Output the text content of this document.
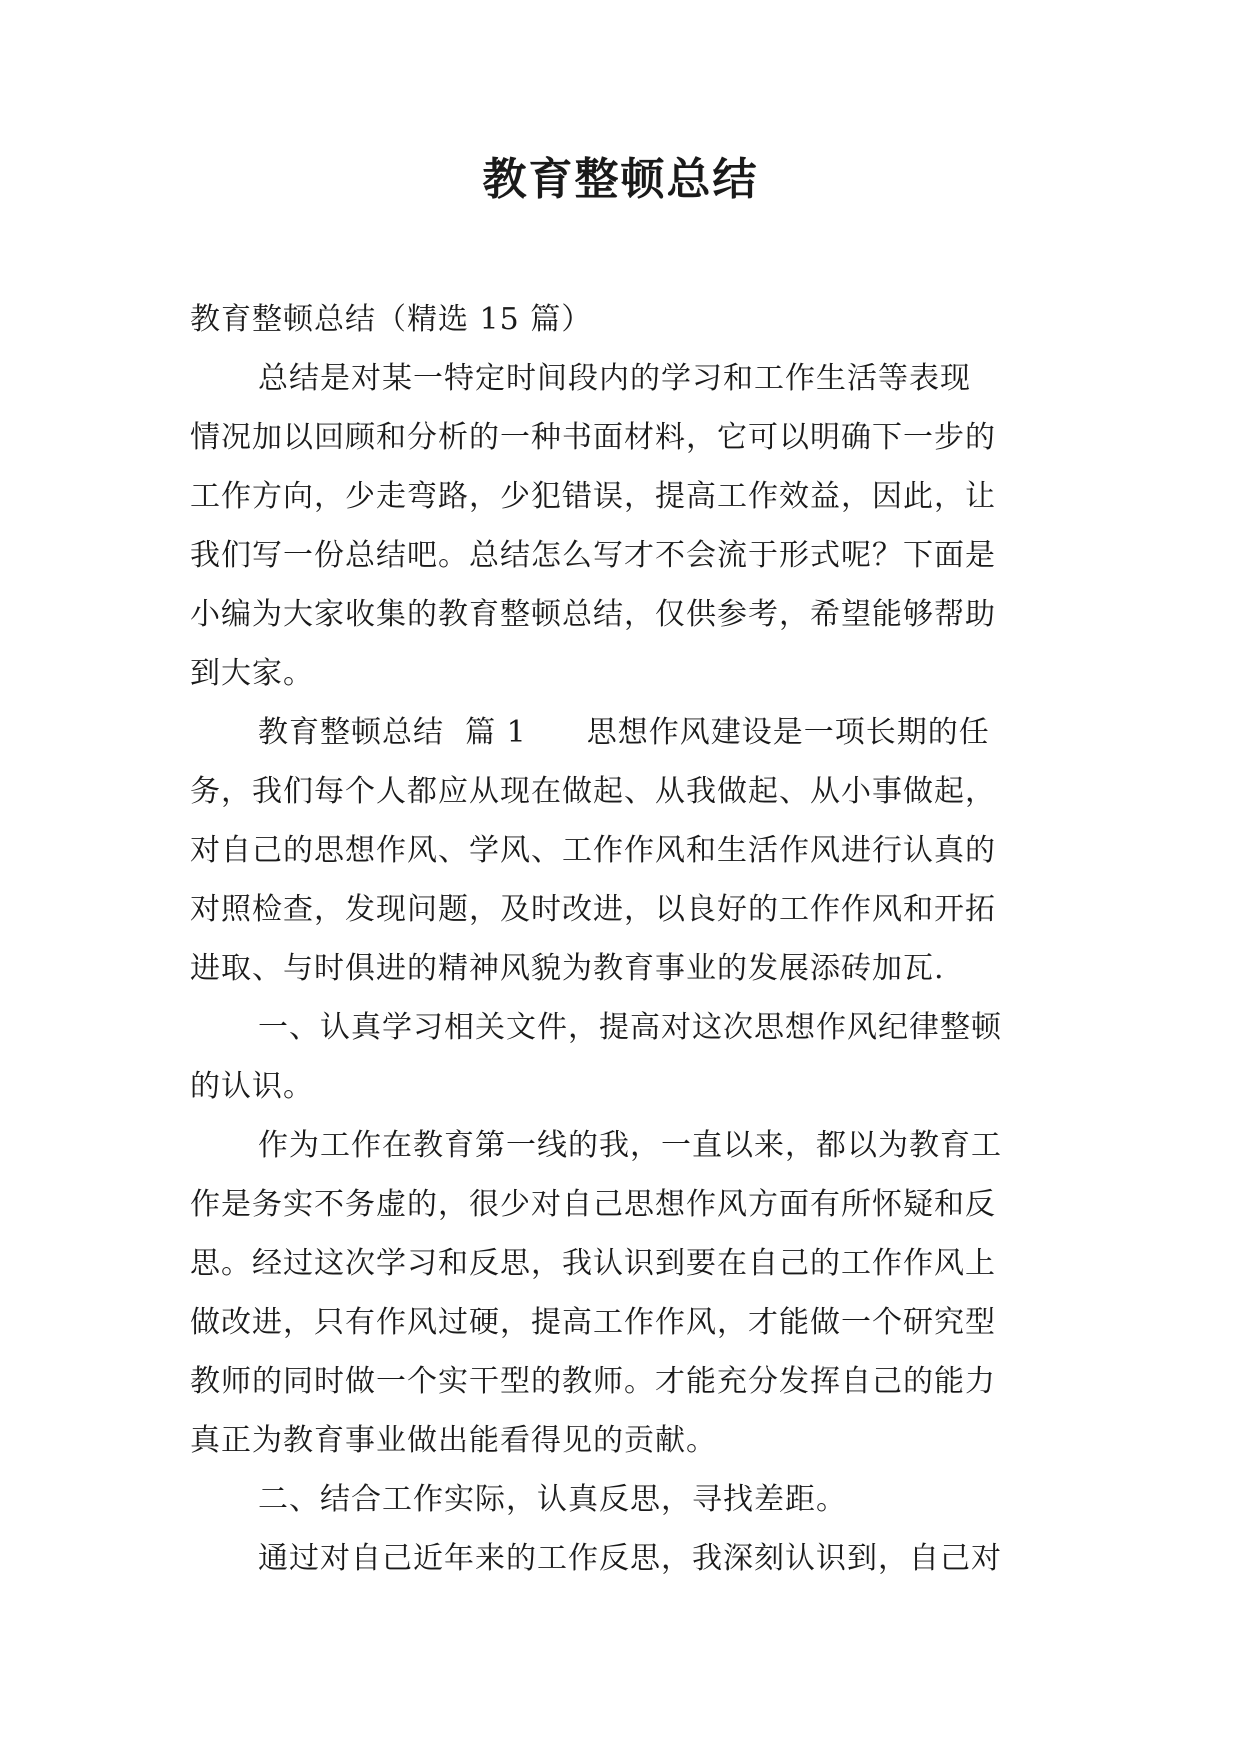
教育整顿总结

教育整顿总结（精选 15 篇）

总结是对某一特定时间段内的学习和工作生活等表现

情况加以回顾和分析的一种书面材料，它可以明确下一步的

工作方向，少走弯路，少犯错误，提高工作效益，因此，让

我们写一份总结吧。总结怎么写才不会流于形式呢？下面是

小编为大家收集的教育整顿总结，仅供参考，希望能够帮助

到大家。

教育整顿总结 篇 1 思想作风建设是一项长期的任

务，我们每个人都应从现在做起、从我做起、从小事做起，

对自己的思想作风、学风、工作作风和生活作风进行认真的

对照检查，发现问题，及时改进，以良好的工作作风和开拓

进取、与时俱进的精神风貌为教育事业的发展添砖加瓦.

一、认真学习相关文件，提高对这次思想作风纪律整顿

的认识。

作为工作在教育第一线的我，一直以来，都以为教育工

作是务实不务虚的，很少对自己思想作风方面有所怀疑和反

思。经过这次学习和反思，我认识到要在自己的工作作风上

做改进，只有作风过硬，提高工作作风，才能做一个研究型

教师的同时做一个实干型的教师。才能充分发挥自己的能力

真正为教育事业做出能看得见的贡献。

二、结合工作实际，认真反思，寻找差距。

通过对自己近年来的工作反思，我深刻认识到，自己对
